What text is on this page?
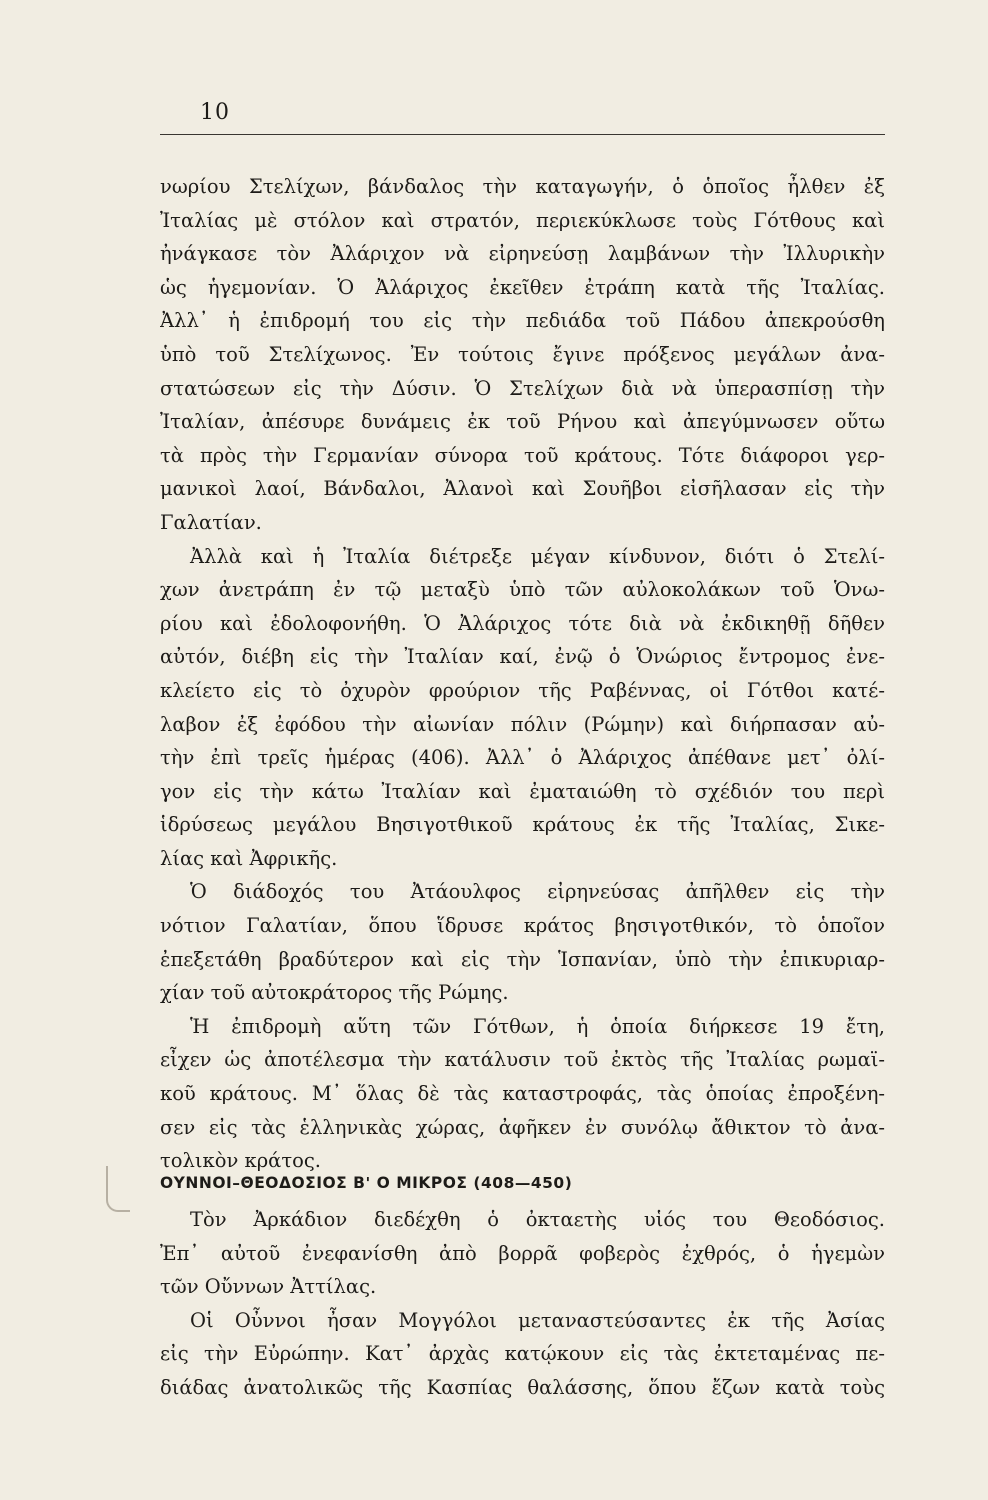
10
νωρίου Στελίχων, βάνδαλος τὴν καταγωγήν, ὁ ὁποῖος ἦλθεν ἐξ
Ἰταλίας μὲ στόλον καὶ στρατόν, περιεκύκλωσε τοὺς Γότθους καὶ
ἠνάγκασε τὸν Ἀλάριχον νὰ εἰρηνεύσῃ λαμβάνων τὴν Ἰλλυρικὴν
ὡς ἡγεμονίαν. Ὁ Ἀλάριχος ἐκεῖθεν ἐτράπη κατὰ τῆς Ἰταλίας.
Ἀλλ᾽ ἡ ἐπιδρομή του εἰς τὴν πεδιάδα τοῦ Πάδου ἀπεκρούσθη
ὑπὸ τοῦ Στελίχωνος. Ἐν τούτοις ἔγινε πρόξενος μεγάλων ἀνα-
στατώσεων εἰς τὴν Δύσιν. Ὁ Στελίχων διὰ νὰ ὑπερασπίσῃ τὴν
Ἰταλίαν, ἀπέσυρε δυνάμεις ἐκ τοῦ Ρήνου καὶ ἀπεγύμνωσεν οὕτω
τὰ πρὸς τὴν Γερμανίαν σύνορα τοῦ κράτους. Τότε διάφοροι γερ-
μανικοὶ λαοί, Βάνδαλοι, Ἀλανοὶ καὶ Σουῆβοι εἰσῆλασαν εἰς τὴν
Γαλατίαν.
Ἀλλὰ καὶ ἡ Ἰταλία διέτρεξε μέγαν κίνδυνον, διότι ὁ Στελί-
χων ἀνετράπη ἐν τῷ μεταξὺ ὑπὸ τῶν αὐλοκολάκων τοῦ Ὁνω-
ρίου καὶ ἐδολοφονήθη. Ὁ Ἀλάριχος τότε διὰ νὰ ἐκδικηθῇ δῆθεν
αὐτόν, διέβη εἰς τὴν Ἰταλίαν καί, ἐνῷ ὁ Ὁνώριος ἔντρομος ἐνε-
κλείετο εἰς τὸ ὀχυρὸν φρούριον τῆς Ραβέννας, οἱ Γότθοι κατέ-
λαβον ἐξ ἐφόδου τὴν αἰωνίαν πόλιν (Ρώμην) καὶ διήρπασαν αὐ-
τὴν ἐπὶ τρεῖς ἡμέρας (406). Ἀλλ᾽ ὁ Ἀλάριχος ἀπέθανε μετ᾽ ὀλί-
γον εἰς τὴν κάτω Ἰταλίαν καὶ ἐματαιώθη τὸ σχέδιόν του περὶ
ἱδρύσεως μεγάλου Βησιγοτθικοῦ κράτους ἐκ τῆς Ἰταλίας, Σικε-
λίας καὶ Ἀφρικῆς.
Ὁ διάδοχός του Ἀτάουλφος εἰρηνεύσας ἀπῆλθεν εἰς τὴν
νότιον Γαλατίαν, ὅπου ἵδρυσε κράτος βησιγοτθικόν, τὸ ὁποῖον
ἐπεξετάθη βραδύτερον καὶ εἰς τὴν Ἱσπανίαν, ὑπὸ τὴν ἐπικυριαρ-
χίαν τοῦ αὐτοκράτορος τῆς Ρώμης.
Ἡ ἐπιδρομὴ αὕτη τῶν Γότθων, ἡ ὁποία διήρκεσε 19 ἔτη,
εἶχεν ὡς ἀποτέλεσμα τὴν κατάλυσιν τοῦ ἐκτὸς τῆς Ἰταλίας ρωμαϊ-
κοῦ κράτους. Μ᾽ ὅλας δὲ τὰς καταστροφάς, τὰς ὁποίας ἐπροξένη-
σεν εἰς τὰς ἑλληνικὰς χώρας, ἀφῆκεν ἐν συνόλῳ ἄθικτον τὸ ἀνα-
τολικὸν κράτος.
ΟΥΝΝΟΙ–ΘΕΟΔΟΣΙΟΣ Β' Ο ΜΙΚΡΟΣ (408—450)
Τὸν Ἀρκάδιον διεδέχθη ὁ ὀκταετὴς υἱός του Θεοδόσιος.
Ἐπ᾽ αὐτοῦ ἐνεφανίσθη ἀπὸ βορρᾶ φοβερὸς ἐχθρός, ὁ ἡγεμὼν
τῶν Οὔννων Ἀττίλας.
Οἱ Οὖννοι ἦσαν Μογγόλοι μεταναστεύσαντες ἐκ τῆς Ἀσίας
εἰς τὴν Εὐρώπην. Κατ᾽ ἀρχὰς κατῴκουν εἰς τὰς ἐκτεταμένας πε-
διάδας ἀνατολικῶς τῆς Κασπίας θαλάσσης, ὅπου ἔζων κατὰ τοὺς
